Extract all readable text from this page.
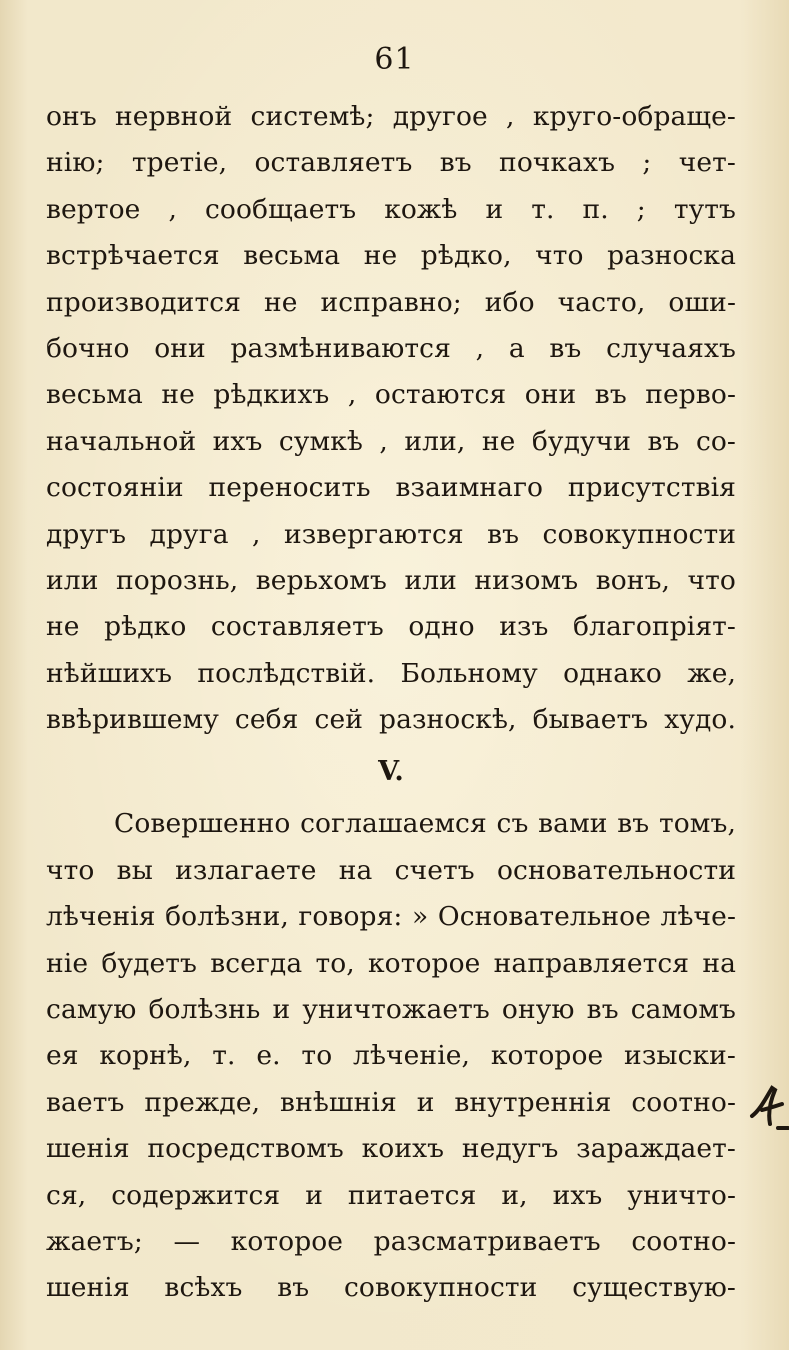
61
онъ нервной системѣ; другое , круго-обраще-
нію; третіе, оставляетъ въ почкахъ ; чет-
вертое , сообщаетъ кожѣ и т. п. ; тутъ
встрѣчается весьма не рѣдко, что разноска
производится не исправно; ибо часто, оши-
бочно они размѣниваются , а въ случаяхъ
весьма не рѣдкихъ , остаются они въ перво-
начальной ихъ сумкѣ , или, не будучи въ со-
состояніи переносить взаимнаго присутствія
другъ друга , извергаются въ совокупности
или порознь, верьхомъ или низомъ вонъ, что
не рѣдко составляетъ одно изъ благопріят-
нѣйшихъ послѣдствій. Больному однако же,
ввѣрившему себя сей разноскѣ, бываетъ худо.
V.
Совершенно соглашаемся съ вами въ томъ,
что вы излагаете на счетъ основательности
лѣченія болѣзни, говоря: » Основательное лѣче-
ніе будетъ всегда то, которое направляется на
самую болѣзнь и уничтожаетъ оную въ самомъ
ея корнѣ, т. е. то лѣченіе, которое изыски-
ваетъ прежде, внѣшнія и внутреннія соотно-
шенія посредствомъ коихъ недугъ зараждает-
ся, содержится и питается и, ихъ уничто-
жаетъ; — которое разсматриваетъ соотно-
шенія всѣхъ въ совокупности существую-
